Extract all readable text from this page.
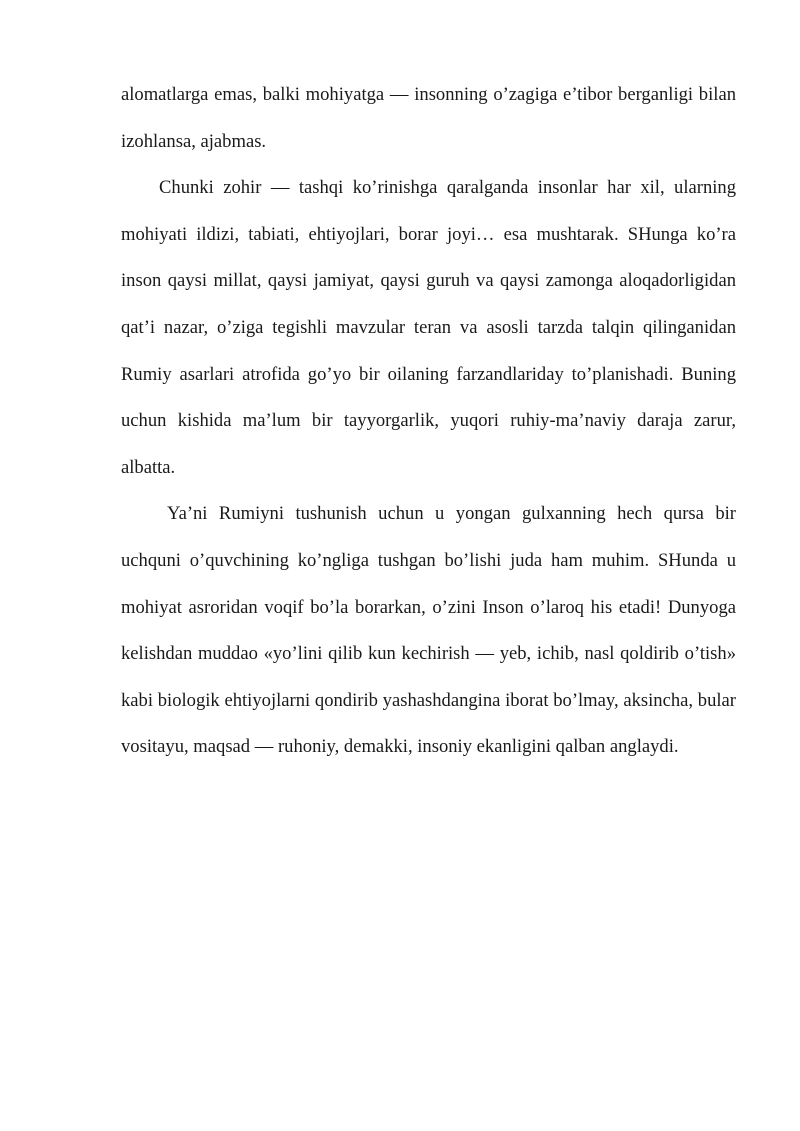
alomatlarga emas, balki mohiyatga — insonning o’zagiga e’tibor berganligi bilan izohlansa, ajabmas.

Chunki zohir — tashqi ko’rinishga qaralganda insonlar har xil, ularning mohiyati ildizi, tabiati, ehtiyojlari, borar joyi… esa mushtarak. SHunga ko’ra inson qaysi millat, qaysi jamiyat, qaysi guruh va qaysi zamonga aloqadorligidan qat’i nazar, o’ziga tegishli mavzular teran va asosli tarzda talqin qilinganidan Rumiy asarlari atrofida go’yo bir oilaning farzandlariday to’planishadi. Buning uchun kishida ma’lum bir tayyorgarlik, yuqori ruhiy-ma’naviy daraja zarur, albatta.

Ya’ni Rumiyni tushunish uchun u yongan gulxanning hech qursa bir uchquni o’quvchining ko’ngliga tushgan bo’lishi juda ham muhim. SHunda u mohiyat asroridan voqif bo’la borarkan, o’zini Inson o’laroq his etadi! Dunyoga kelishdan muddao «yo’lini qilib kun kechirish — yeb, ichib, nasl qoldirib o’tish» kabi biologik ehtiyojlarni qondirib yashashdangina iborat bo’lmay, aksincha, bular vositayu, maqsad — ruhoniy, demakki, insoniy ekanligini qalban anglaydi.
